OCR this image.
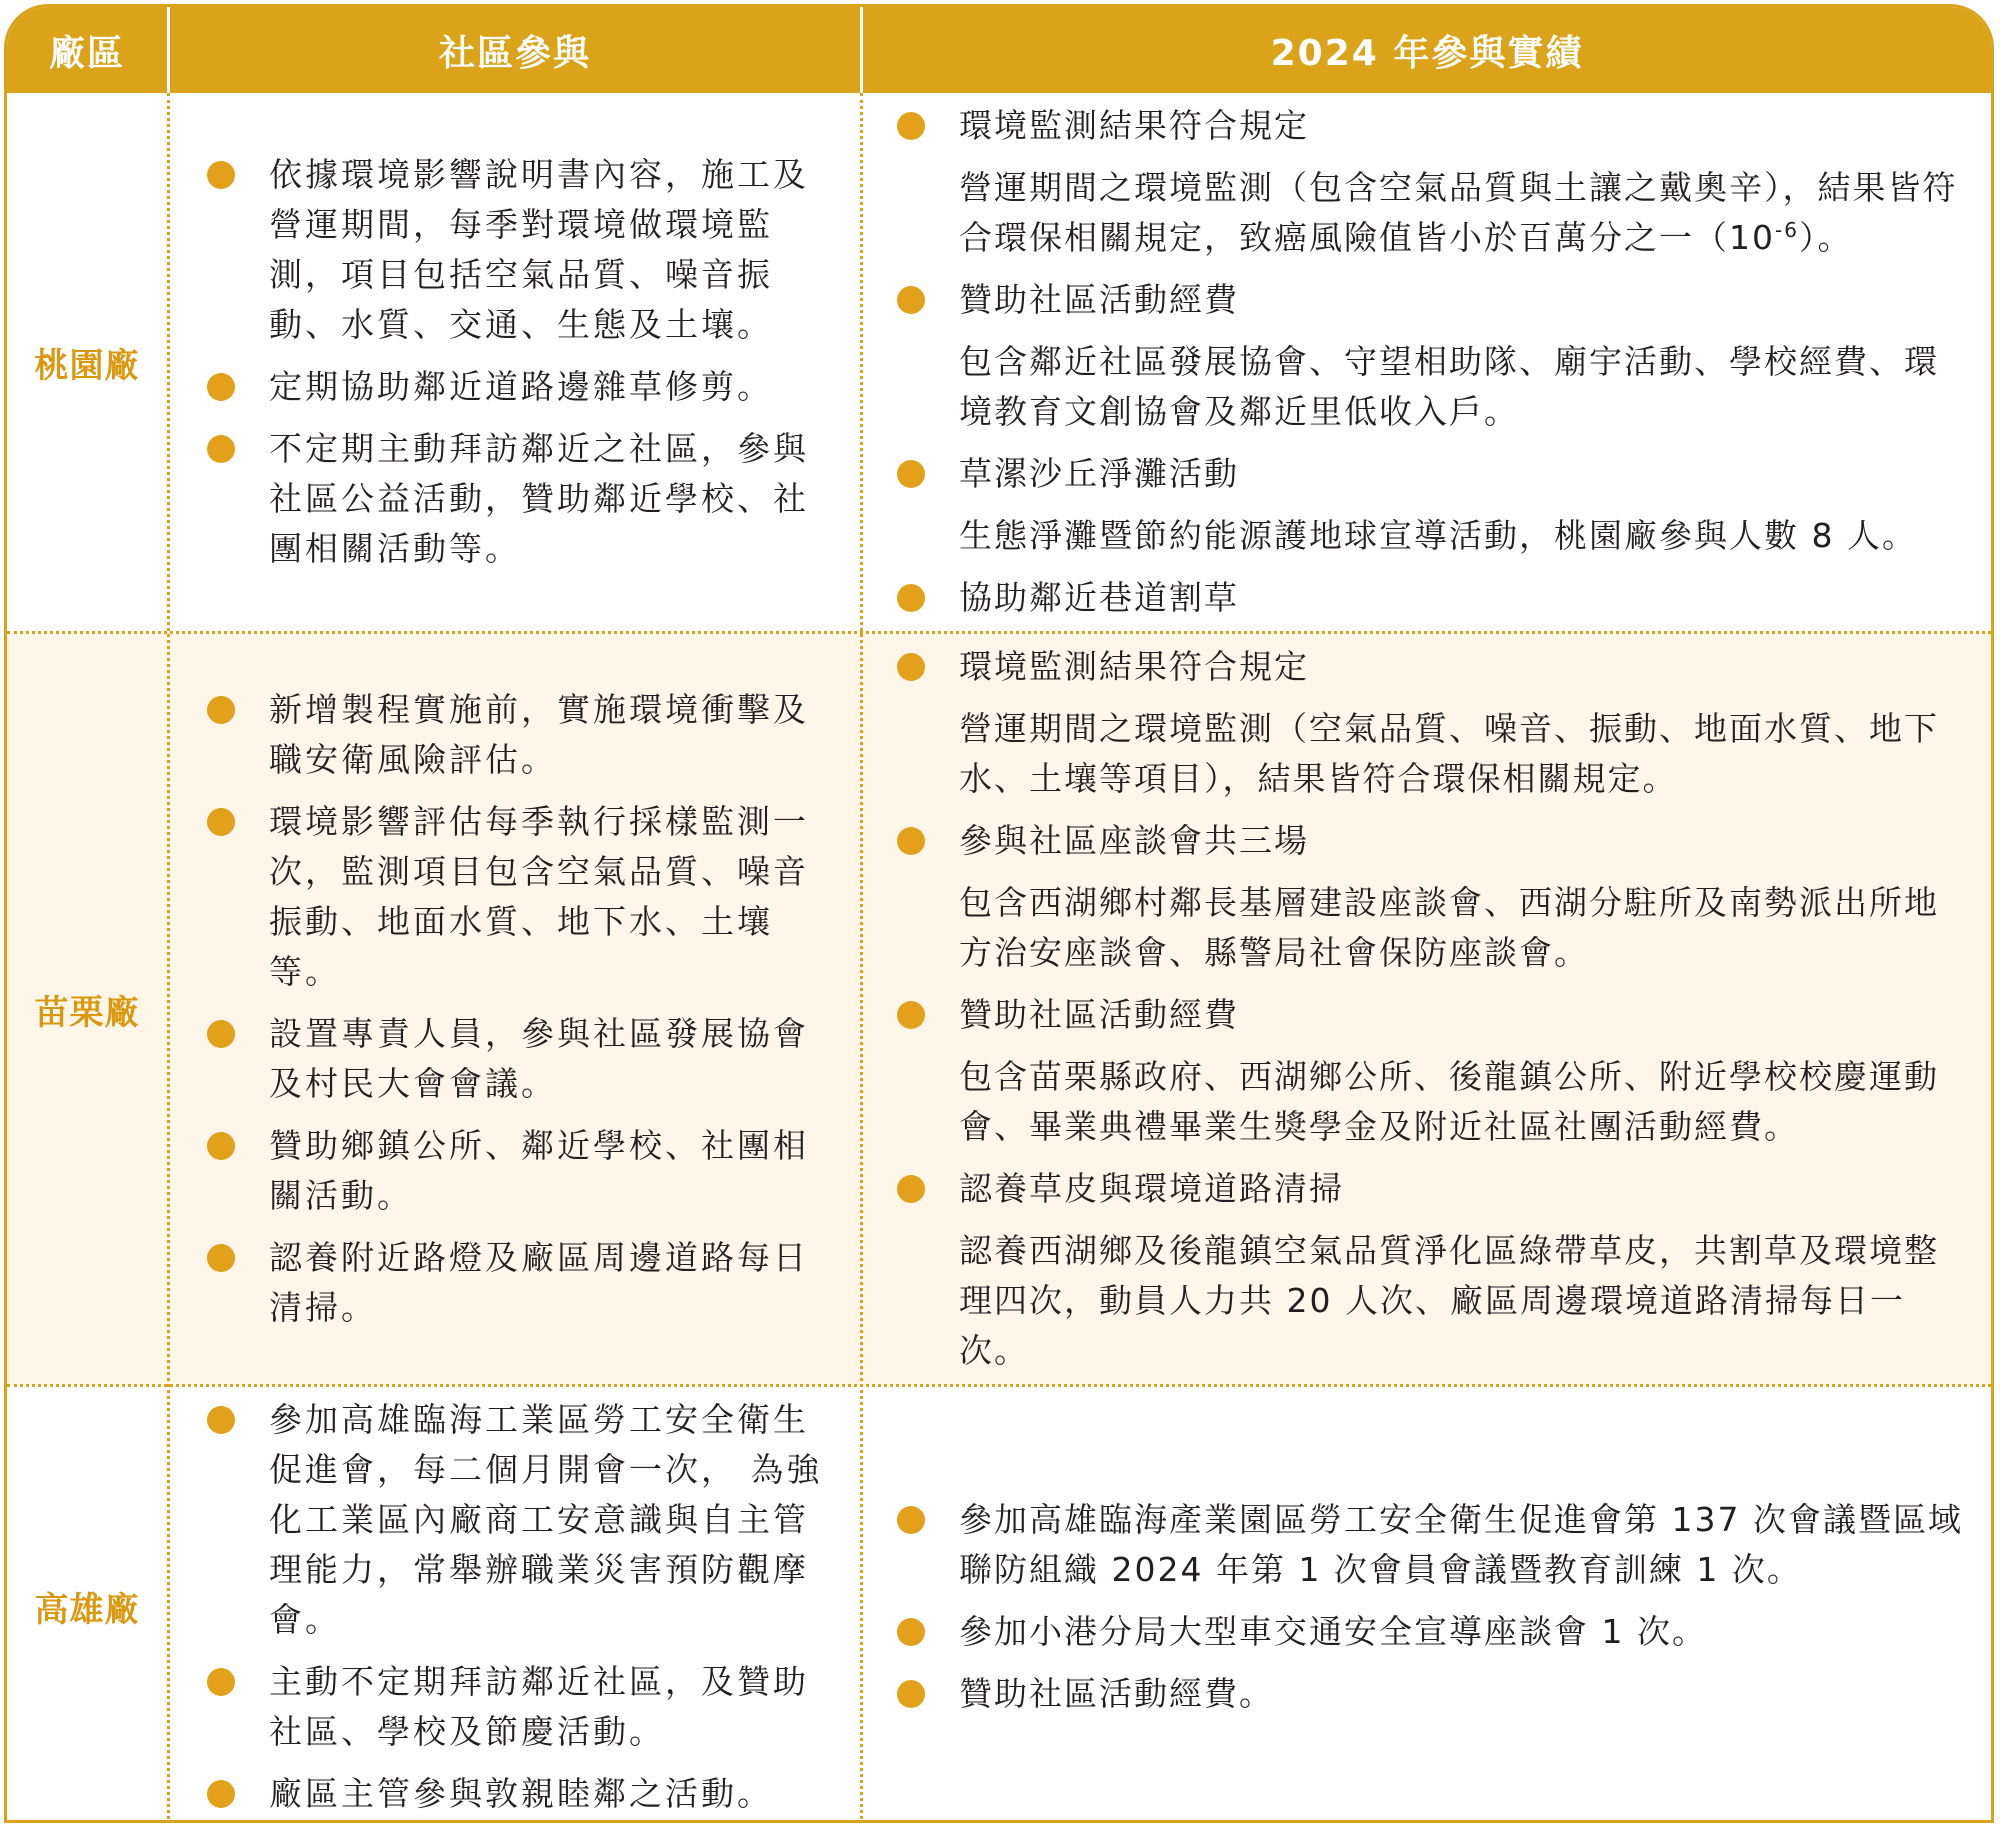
廠區	社區參與	2024 年參與實績
桃園廠
依據環境影響說明書內容，施工及營運期間，每季對環境做環境監測，項目包括空氣品質、噪音振動、水質、交通、生態及土壤。
定期協助鄰近道路邊雜草修剪。
不定期主動拜訪鄰近之社區，參與社區公益活動，贊助鄰近學校、社團相關活動等。
環境監測結果符合規定
營運期間之環境監測（包含空氣品質與土讓之戴奧辛），結果皆符合環保相關規定，致癌風險值皆小於百萬分之一$(10^{-6})$。
贊助社區活動經費
包含鄰近社區發展協會、守望相助隊、廟宇活動、學校經費、環境教育文創協會及鄰近里低收入戶。
草漯沙丘淨灘活動
生態淨灘暨節約能源護地球宣導活動，桃園廠參與人數 8 人。
協助鄰近巷道割草
苗栗廠
新增製程實施前，實施環境衝擊及職安衛風險評估。
環境影響評估每季執行採樣監測一次，監測項目包含空氣品質、噪音振動、地面水質、地下水、土壤等。
設置專責人員，參與社區發展協會及村民大會會議。
贊助鄉鎮公所、鄰近學校、社團相關活動。
認養附近路燈及廠區周邊道路每日清掃。
環境監測結果符合規定
營運期間之環境監測（空氣品質、噪音、振動、地面水質、地下水、土壤等項目），結果皆符合環保相關規定。
參與社區座談會共三場
包含西湖鄉村鄰長基層建設座談會、西湖分駐所及南勢派出所地方治安座談會、縣警局社會保防座談會。
贊助社區活動經費
包含苗栗縣政府、西湖鄉公所、後龍鎮公所、附近學校校慶運動會、畢業典禮畢業生獎學金及附近社區社團活動經費。
認養草皮與環境道路清掃
認養西湖鄉及後龍鎮空氣品質淨化區綠帶草皮，共割草及環境整理四次，動員人力共 20 人次、廠區周邊環境道路清掃每日一次。
高雄廠
參加高雄臨海工業區勞工安全衛生促進會，每二個月開會一次， 為強化工業區內廠商工安意識與自主管理能力，常舉辦職業災害預防觀摩會。
主動不定期拜訪鄰近社區，及贊助社區、學校及節慶活動。
廠區主管參與敦親睦鄰之活動。
參加高雄臨海產業園區勞工安全衛生促進會第 137 次會議暨區域聯防組織 2024 年第 1 次會員會議暨教育訓練 1 次。
參加小港分局大型車交通安全宣導座談會 1 次。
贊助社區活動經費。
